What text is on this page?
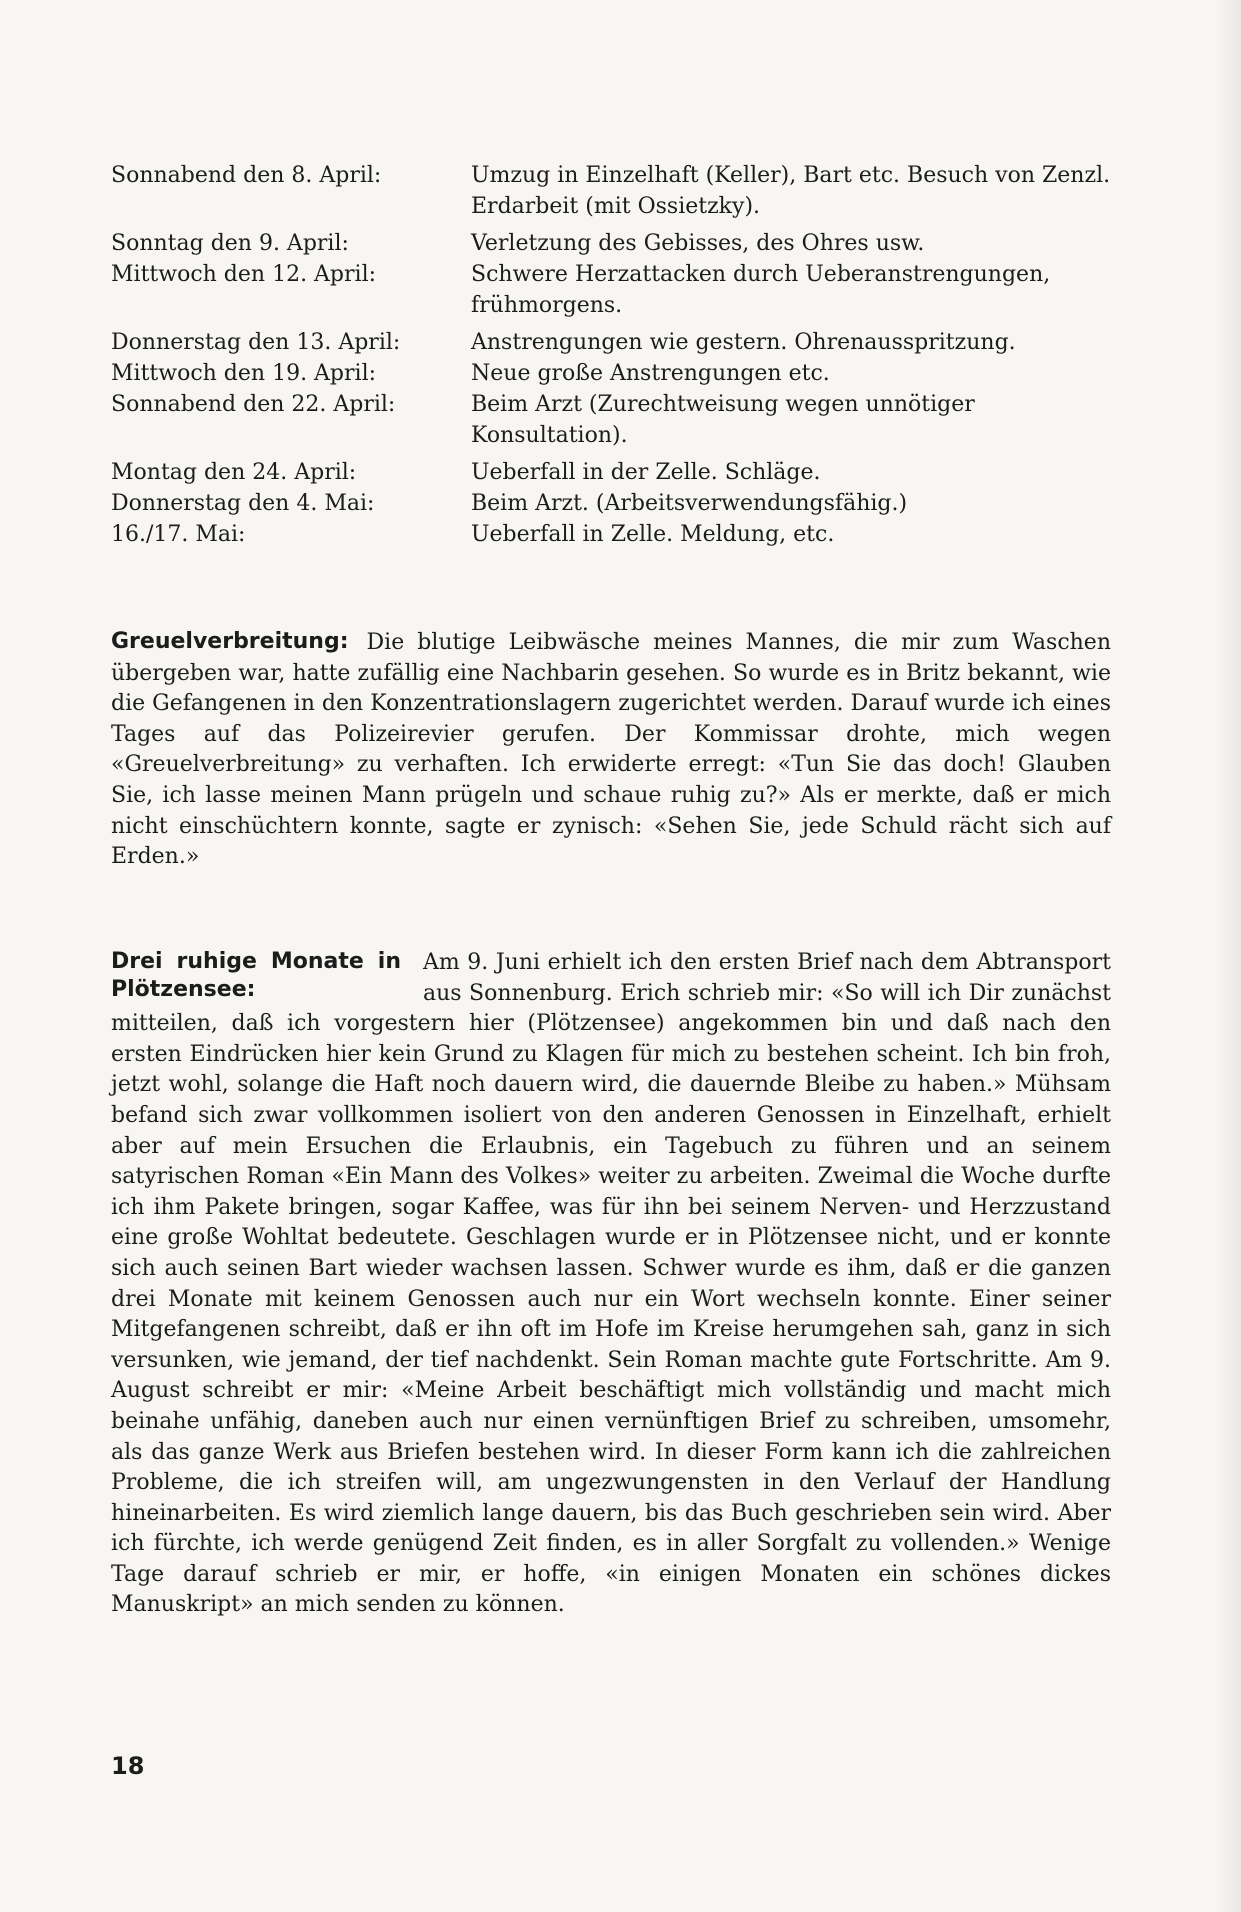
Sonnabend den 8. April:	Umzug in Einzelhaft (Keller), Bart etc. Besuch von Zenzl. Erdarbeit (mit Ossietzky).
Sonntag den 9. April:	Verletzung des Gebisses, des Ohres usw.
Mittwoch den 12. April:	Schwere Herzattacken durch Ueberanstrengungen, frühmorgens.
Donnerstag den 13. April:	Anstrengungen wie gestern. Ohrenausspritzung.
Mittwoch den 19. April:	Neue große Anstrengungen etc.
Sonnabend den 22. April:	Beim Arzt (Zurechtweisung wegen unnötiger Konsultation).
Montag den 24. April:	Ueberfall in der Zelle. Schläge.
Donnerstag den 4. Mai:	Beim Arzt. (Arbeitsverwendungsfähig.)
16./17. Mai:	Ueberfall in Zelle. Meldung, etc.

Greuelverbreitung: Die blutige Leibwäsche meines Mannes, die mir zum Waschen übergeben war, hatte zufällig eine Nachbarin gesehen. So wurde es in Britz bekannt, wie die Gefangenen in den Konzentrationslagern zugerichtet werden. Darauf wurde ich eines Tages auf das Polizeirevier gerufen. Der Kommissar drohte, mich wegen «Greuelverbreitung» zu verhaften. Ich erwiderte erregt: «Tun Sie das doch! Glauben Sie, ich lasse meinen Mann prügeln und schaue ruhig zu?» Als er merkte, daß er mich nicht einschüchtern konnte, sagte er zynisch: «Sehen Sie, jede Schuld rächt sich auf Erden.»

Drei ruhige Monate in Plötzensee:
Am 9. Juni erhielt ich den ersten Brief nach dem Abtransport aus Sonnenburg. Erich schrieb mir: «So will ich Dir zunächst mitteilen, daß ich vorgestern hier (Plötzensee) angekommen bin und daß nach den ersten Eindrücken hier kein Grund zu Klagen für mich zu bestehen scheint. Ich bin froh, jetzt wohl, solange die Haft noch dauern wird, die dauernde Bleibe zu haben.» Mühsam befand sich zwar vollkommen isoliert von den anderen Genossen in Einzelhaft, erhielt aber auf mein Ersuchen die Erlaubnis, ein Tagebuch zu führen und an seinem satyrischen Roman «Ein Mann des Volkes» weiter zu arbeiten. Zweimal die Woche durfte ich ihm Pakete bringen, sogar Kaffee, was für ihn bei seinem Nerven- und Herzzustand eine große Wohltat bedeutete. Geschlagen wurde er in Plötzensee nicht, und er konnte sich auch seinen Bart wieder wachsen lassen. Schwer wurde es ihm, daß er die ganzen drei Monate mit keinem Genossen auch nur ein Wort wechseln konnte. Einer seiner Mitgefangenen schreibt, daß er ihn oft im Hofe im Kreise herumgehen sah, ganz in sich versunken, wie jemand, der tief nachdenkt. Sein Roman machte gute Fortschritte. Am 9. August schreibt er mir: «Meine Arbeit beschäftigt mich vollständig und macht mich beinahe unfähig, daneben auch nur einen vernünftigen Brief zu schreiben, umsomehr, als das ganze Werk aus Briefen bestehen wird. In dieser Form kann ich die zahlreichen Probleme, die ich streifen will, am ungezwungensten in den Verlauf der Handlung hineinarbeiten. Es wird ziemlich lange dauern, bis das Buch geschrieben sein wird. Aber ich fürchte, ich werde genügend Zeit finden, es in aller Sorgfalt zu vollenden.» Wenige Tage darauf schrieb er mir, er hoffe, «in einigen Monaten ein schönes dickes Manuskript» an mich senden zu können.

18
